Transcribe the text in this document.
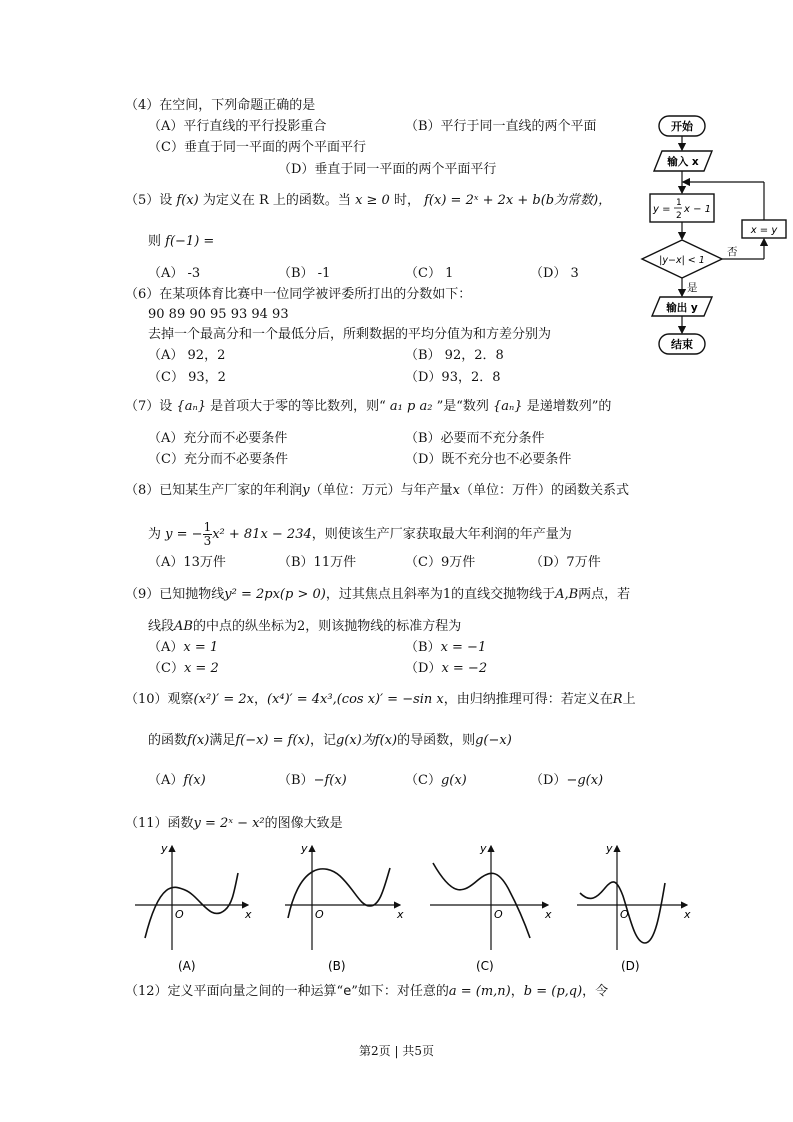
（4）在空间，下列命题正确的是
（A）平行直线的平行投影重合	（B）平行于同一直线的两个平面
（C）垂直于同一平面的两个平面平行
（D）垂直于同一平面的两个平面平行
（5）设 f(x) 为定义在 R 上的函数。当 x ≥ 0 时， f(x) = 2ˣ + 2x + b(b为常数)，
则 f(−1) =
（A） -3	（B） -1	（C） 1	（D） 3
（6）在某项体育比赛中一位同学被评委所打出的分数如下：
90 89 90 95 93 94 93
去掉一个最高分和一个最低分后，所剩数据的平均分值为和方差分别为
（A） 92，2	（B） 92，2．8
（C） 93，2	（D）93，2．8
（7）设 {aₙ} 是首项大于零的等比数列，则“ a₁ p a₂ ”是“数列 {aₙ} 是递增数列”的
（A）充分而不必要条件	（B）必要而不充分条件
（C）充分而不必要条件	（D）既不充分也不必要条件
（8）已知某生产厂家的年利润y（单位：万元）与年产量x（单位：万件）的函数关系式
为 y = − $\frac{1}{3} x^2 + 81x - 234$，则使该生产厂家获取最大年利润的年产量为
（A）13万件	（B）11万件	（C）9万件	（D）7万件
（9）已知抛物线y² = 2px(p > 0)，过其焦点且斜率为1的直线交抛物线于A,B两点，若
线段AB的中点的纵坐标为2，则该抛物线的标准方程为
（A）x = 1	（B）x = −1
（C）x = 2	（D）x = −2
（10）观察(x²)′ = 2x，(x⁴)′ = 4x³,(cos x)′ = −sin x，由归纳推理可得：若定义在R上
的函数f(x)满足f(−x) = f(x)，记g(x)为f(x)的导函数，则g(−x)
（A）f(x)	（B）−f(x)	（C）g(x)	（D）−g(x)
（11）函数y = 2ˣ − x²的图像大致是
y
x
O
(A)
y
x
O
(B)
y
x
O
(C)
y
x
O
(D)
（12）定义平面向量之间的一种运算“e”如下：对任意的a = (m,n)，b = (p,q)，令
开始
输入 x
y =
1
2
x − 1
|y−x| < 1
否
x = y
是
输出 y
结束
第2页 | 共5页
